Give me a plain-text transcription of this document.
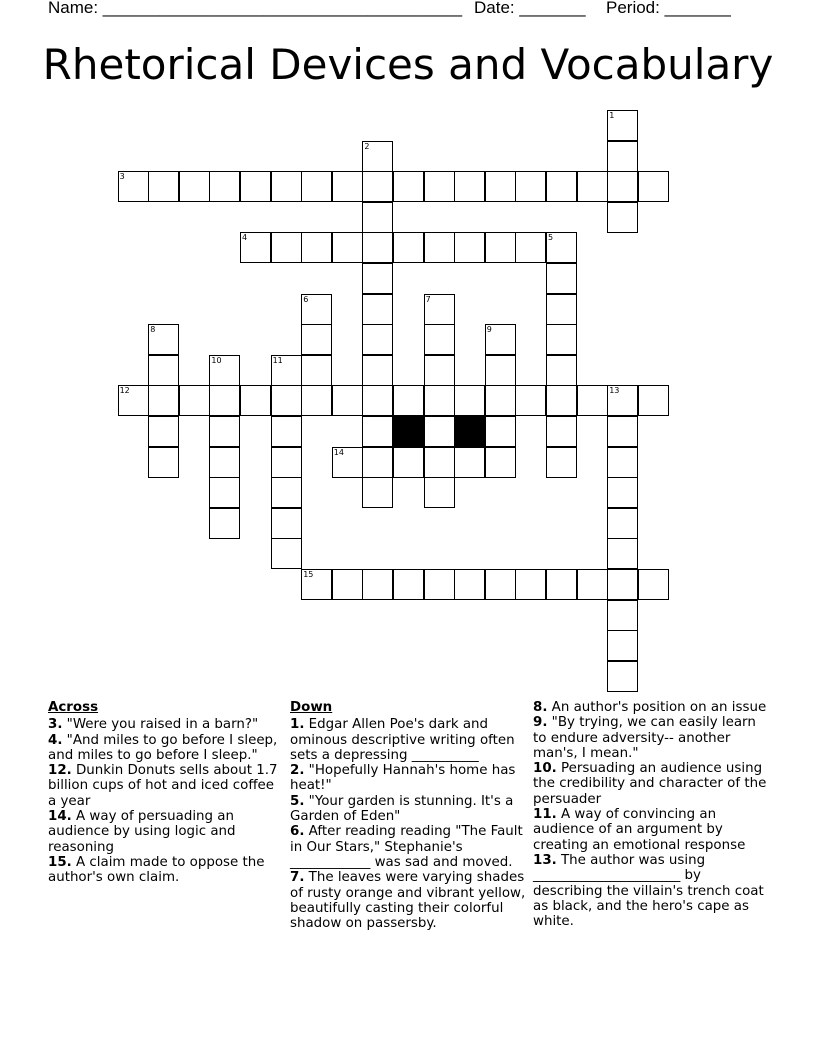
Name: ______________________________________ Date: _______ Period: _______
Rhetorical Devices and Vocabulary
1
2
3
4	5
6	7
8	9
10	11
12	13
14
15
Across
3. "Were you raised in a barn?"
4. "And miles to go before I sleep, and miles to go before I sleep."
12. Dunkin Donuts sells about 1.7 billion cups of hot and iced coffee a year
14. A way of persuading an audience by using logic and reasoning
15. A claim made to oppose the author's own claim.
Down
1. Edgar Allen Poe's dark and ominous descriptive writing often sets a depressing __________
2. "Hopefully Hannah's home has heat!"
5. "Your garden is stunning. It's a Garden of Eden"
6. After reading reading "The Fault in Our Stars," Stephanie's ____________ was sad and moved.
7. The leaves were varying shades of rusty orange and vibrant yellow, beautifully casting their colorful shadow on passersby.
8. An author's position on an issue
9. "By trying, we can easily learn to endure adversity-- another man's, I mean."
10. Persuading an audience using the credibility and character of the persuader
11. A way of convincing an audience of an argument by creating an emotional response
13. The author was using ______________________ by describing the villain's trench coat as black, and the hero's cape as white.
